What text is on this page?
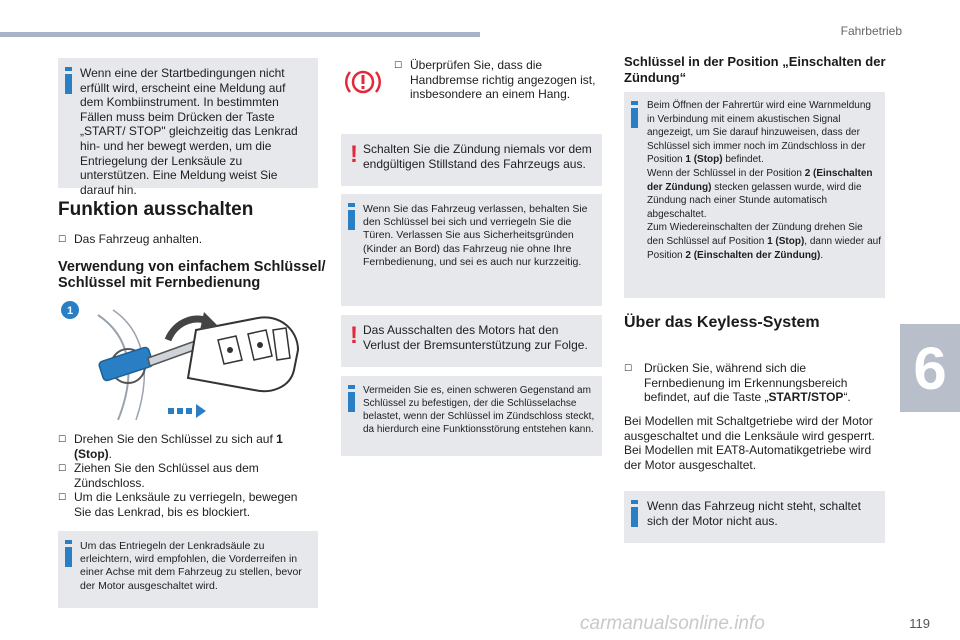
Fahrbetrieb
6
Wenn eine der Startbedingungen nicht erfüllt wird, erscheint eine Meldung auf dem Kombiinstrument. In bestimmten Fällen muss beim Drücken der Taste „START/ STOP" gleichzeitig das Lenkrad hin- und her bewegt werden, um die Entriegelung der Lenksäule zu unterstützen. Eine Meldung weist Sie darauf hin.
Funktion ausschalten
☐ Das Fahrzeug anhalten.
Verwendung von einfachem Schlüssel/ Schlüssel mit Fernbedienung
1
☐ Drehen Sie den Schlüssel zu sich auf 1 (Stop).
☐ Ziehen Sie den Schlüssel aus dem Zündschloss.
☐ Um die Lenksäule zu verriegeln, bewegen Sie das Lenkrad, bis es blockiert.
Um das Entriegeln der Lenkradsäule zu erleichtern, wird empfohlen, die Vorderreifen in einer Achse mit dem Fahrzeug zu stellen, bevor der Motor ausgeschaltet wird.
☐ Überprüfen Sie, dass die Handbremse richtig angezogen ist, insbesondere an einem Hang.
! Schalten Sie die Zündung niemals vor dem endgültigen Stillstand des Fahrzeugs aus.
Wenn Sie das Fahrzeug verlassen, behalten Sie den Schlüssel bei sich und verriegeln Sie die Türen. Verlassen Sie aus Sicherheitsgründen (Kinder an Bord) das Fahrzeug nie ohne Ihre Fernbedienung, und sei es auch nur kurzzeitig.
! Das Ausschalten des Motors hat den Verlust der Bremsunterstützung zur Folge.
Vermeiden Sie es, einen schweren Gegenstand am Schlüssel zu befestigen, der die Schlüsselachse belastet, wenn der Schlüssel im Zündschloss steckt, da hierdurch eine Funktionsstörung entstehen kann.
Schlüssel in der Position „Einschalten der Zündung“
Beim Öffnen der Fahrertür wird eine Warnmeldung in Verbindung mit einem akustischen Signal angezeigt, um Sie darauf hinzuweisen, dass der Schlüssel sich immer noch im Zündschloss in der Position 1 (Stop) befindet.
Wenn der Schlüssel in der Position 2 (Einschalten der Zündung) stecken gelassen wurde, wird die Zündung nach einer Stunde automatisch abgeschaltet.
Zum Wiedereinschalten der Zündung drehen Sie den Schlüssel auf Position 1 (Stop), dann wieder auf Position 2 (Einschalten der Zündung).
Über das Keyless-System
☐ Drücken Sie, während sich die Fernbedienung im Erkennungsbereich befindet, auf die Taste „START/STOP“.
Bei Modellen mit Schaltgetriebe wird der Motor ausgeschaltet und die Lenksäule wird gesperrt. Bei Modellen mit EAT8-Automatikgetriebe wird der Motor ausgeschaltet.
Wenn das Fahrzeug nicht steht, schaltet sich der Motor nicht aus.
carmanualsonline.info	119
